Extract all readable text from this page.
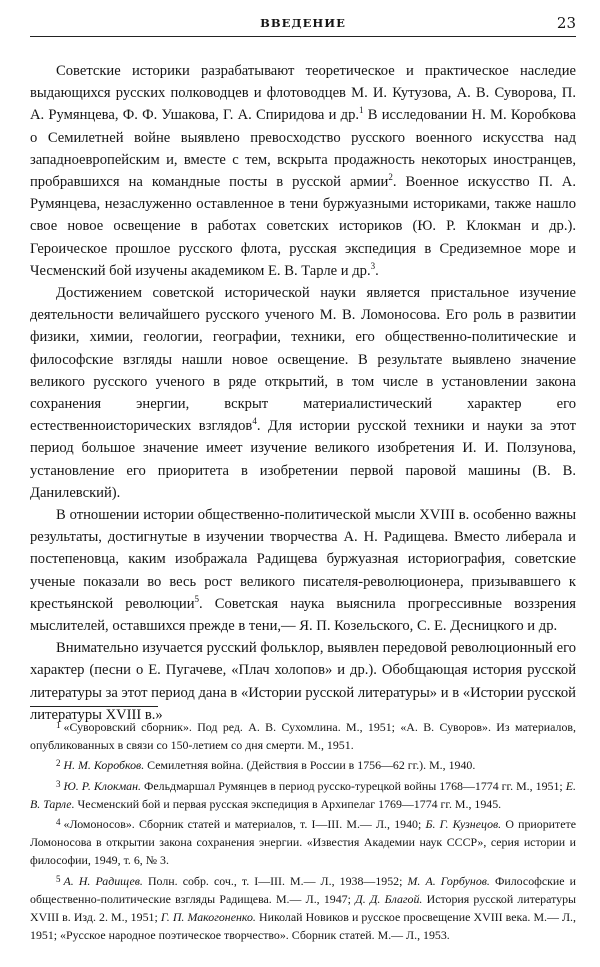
ВВЕДЕНИЕ	23

Советские историки разрабатывают теоретическое и практическое наследие выдающихся русских полководцев и флотоводцев М. И. Кутузова, А. В. Суворова, П. А. Румянцева, Ф. Ф. Ушакова, Г. А. Спиридова и др.$^1$ В исследовании Н. М. Коробкова о Семилетней войне выявлено превосходство русского военного искусства над западноевропейским и, вместе с тем, вскрыта продажность некоторых иностранцев, пробравшихся на командные посты в русской армии$^2$. Военное искусство П. А. Румянцева, незаслуженно оставленное в тени буржуазными историками, также нашло свое новое освещение в работах советских историков (Ю. Р. Клокман и др.). Героическое прошлое русского флота, русская экспедиция в Средиземное море и Чесменский бой изучены академиком Е. В. Тарле и др.$^3$.

Достижением советской исторической науки является пристальное изучение деятельности величайшего русского ученого М. В. Ломоносова. Его роль в развитии физики, химии, геологии, географии, техники, его общественно-политические и философские взгляды нашли новое освещение. В результате выявлено значение великого русского ученого в ряде открытий, в том числе в установлении закона сохранения энергии, вскрыт материалистический характер его естественноисторических взглядов$^4$. Для истории русской техники и науки за этот период большое значение имеет изучение великого изобретения И. И. Ползунова, установление его приоритета в изобретении первой паровой машины (В. В. Данилевский).

В отношении истории общественно-политической мысли XVIII в. особенно важны результаты, достигнутые в изучении творчества А. Н. Радищева. Вместо либерала и постепеновца, каким изображала Радищева буржуазная историография, советские ученые показали во весь рост великого писателя-революционера, призывавшего к крестьянской революции$^5$. Советская наука выяснила прогрессивные воззрения мыслителей, оставшихся прежде в тени,— Я. П. Козельского, С. Е. Десницкого и др.

Внимательно изучается русский фольклор, выявлен передовой революционный его характер (песни о Е. Пугачеве, «Плач холопов» и др.). Обобщающая история русской литературы за этот период дана в «Истории русской литературы» и в «Истории русской литературы XVIII в.»

$^1$ «Суворовский сборник». Под ред. А. В. Сухомлина. М., 1951; «А. В. Суворов». Из материалов, опубликованных в связи со 150-летием со дня смерти. М., 1951.

$^2$ Н. М. Коробков. Семилетняя война. (Действия в России в 1756—62 гг.). М., 1940.

$^3$ Ю. Р. Клокман. Фельдмаршал Румянцев в период русско-турецкой войны 1768—1774 гг. М., 1951; Е. В. Тарле. Чесменский бой и первая русская экспедиция в Архипелаг 1769—1774 гг. М., 1945.

$^4$ «Ломоносов». Сборник статей и материалов, т. I—III. М.— Л., 1940; Б. Г. Кузнецов. О приоритете Ломоносова в открытии закона сохранения энергии. «Известия Академии наук СССР», серия истории и философии, 1949, т. 6, № 3.

$^5$ А. Н. Радищев. Полн. собр. соч., т. I—III. М.— Л., 1938—1952; М. А. Горбунов. Философские и общественно-политические взгляды Радищева. М.— Л., 1947; Д. Д. Благой. История русской литературы XVIII в. Изд. 2. М., 1951; Г. П. Макогоненко. Николай Новиков и русское просвещение XVIII века. М.— Л., 1951; «Русское народное поэтическое творчество». Сборник статей. М.— Л., 1953.
